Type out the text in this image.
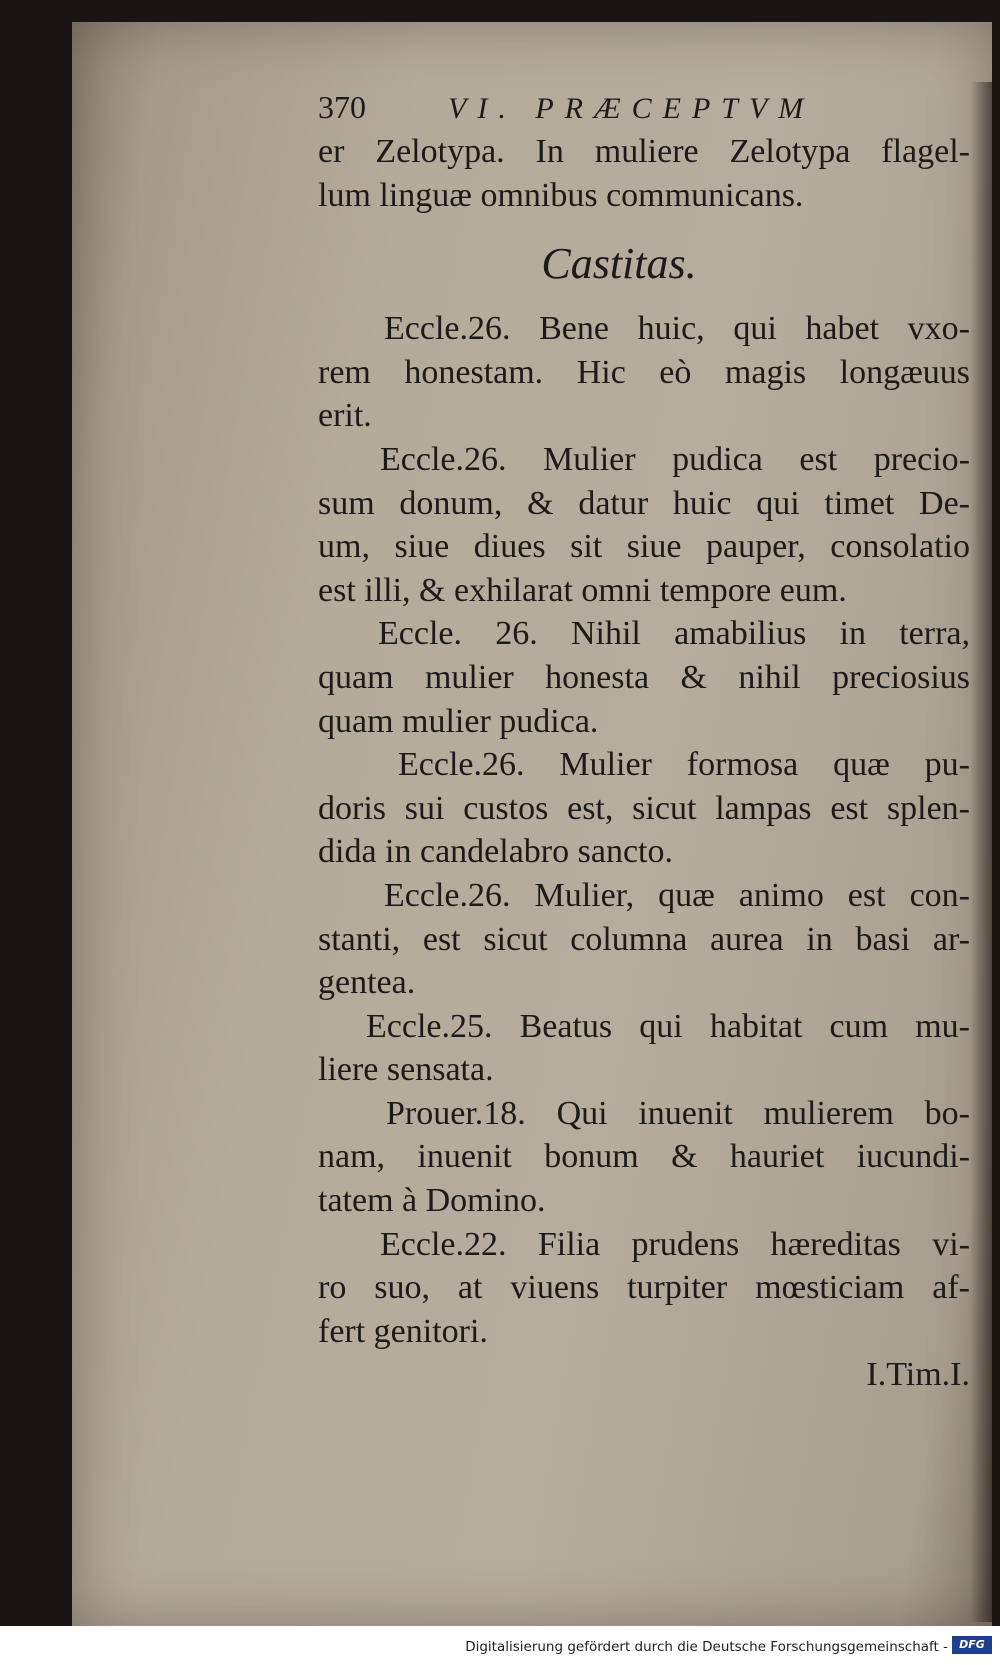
370	VI. PRÆCEPTVM
er Zelotypa. In muliere Zelotypa flagel-
lum linguæ omnibus communicans.
Castitas.
Eccle.26. Bene huic, qui habet vxo-
rem honestam. Hic eò magis longæuus
erit.
Eccle.26. Mulier pudica est precio-
sum donum, & datur huic qui timet De-
um, siue diues sit siue pauper, consolatio
est illi, & exhilarat omni tempore eum.
Eccle. 26. Nihil amabilius in terra,
quam mulier honesta & nihil preciosius
quam mulier pudica.
Eccle.26. Mulier formosa quæ pu-
doris sui custos est, sicut lampas est splen-
dida in candelabro sancto.
Eccle.26. Mulier, quæ animo est con-
stanti, est sicut columna aurea in basi ar-
gentea.
Eccle.25. Beatus qui habitat cum mu-
liere sensata.
Prouer.18. Qui inuenit mulierem bo-
nam, inuenit bonum & hauriet iucundi-
tatem à Domino.
Eccle.22. Filia prudens hæreditas vi-
ro suo, at viuens turpiter mœsticiam af-
fert genitori.
I.Tim.I.
Digitalisierung gefördert durch die Deutsche Forschungsgemeinschaft -	DFG
